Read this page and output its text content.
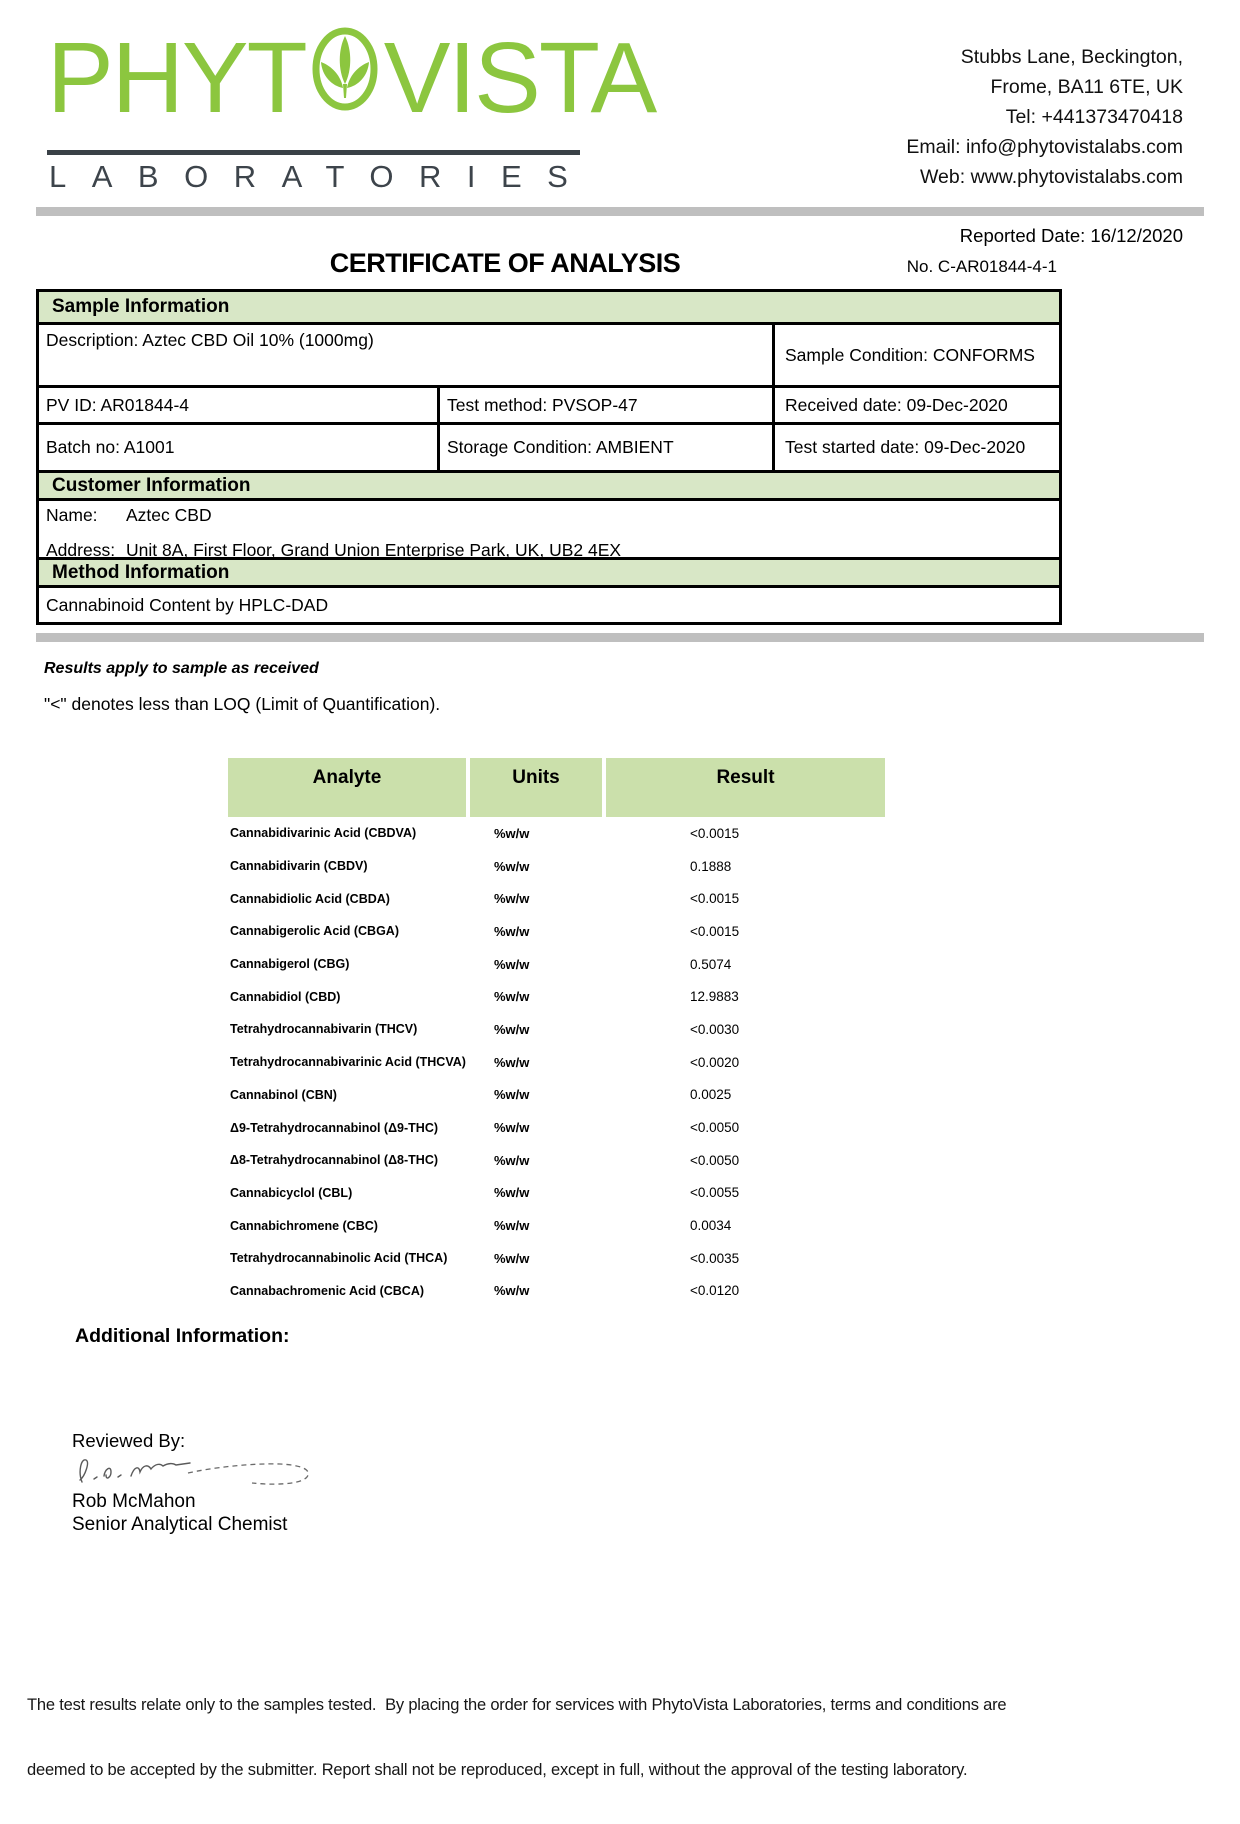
PHYT VISTA
LABORATORIES
Stubbs Lane, Beckington,
Frome, BA11 6TE, UK
Tel: +441373470418
Email: info@phytovistalabs.com
Web: www.phytovistalabs.com
CERTIFICATE OF ANALYSIS
Reported Date: 16/12/2020
No. C-AR01844-4-1
Sample Information
Description: Aztec CBD Oil 10% (1000mg)
Sample Condition: CONFORMS
PV ID: AR01844-4	Test method: PVSOP-47	Received date: 09-Dec-2020
Batch no: A1001	Storage Condition: AMBIENT	Test started date: 09-Dec-2020
Customer Information
Name:	Aztec CBD
Address: Unit 8A, First Floor, Grand Union Enterprise Park, UK, UB2 4EX
Method Information
Cannabinoid Content by HPLC-DAD
Results apply to sample as received
"<" denotes less than LOQ (Limit of Quantification).
Analyte	Units	Result
Cannabidivarinic Acid (CBDVA)	%w/w	<0.0015
Cannabidivarin (CBDV)	%w/w	0.1888
Cannabidiolic Acid (CBDA)	%w/w	<0.0015
Cannabigerolic Acid (CBGA)	%w/w	<0.0015
Cannabigerol (CBG)	%w/w	0.5074
Cannabidiol (CBD)	%w/w	12.9883
Tetrahydrocannabivarin (THCV)	%w/w	<0.0030
Tetrahydrocannabivarinic Acid (THCVA)	%w/w	<0.0020
Cannabinol (CBN)	%w/w	0.0025
Δ9-Tetrahydrocannabinol (Δ9-THC)	%w/w	<0.0050
Δ8-Tetrahydrocannabinol (Δ8-THC)	%w/w	<0.0050
Cannabicyclol (CBL)	%w/w	<0.0055
Cannabichromene (CBC)	%w/w	0.0034
Tetrahydrocannabinolic Acid (THCA)	%w/w	<0.0035
Cannabachromenic Acid (CBCA)	%w/w	<0.0120
Additional Information:
Reviewed By:
Rob McMahon
Senior Analytical Chemist

The test results relate only to the samples tested.  By placing the order for services with PhytoVista Laboratories, terms and conditions are

deemed to be accepted by the submitter. Report shall not be reproduced, except in full, without the approval of the testing laboratory.
